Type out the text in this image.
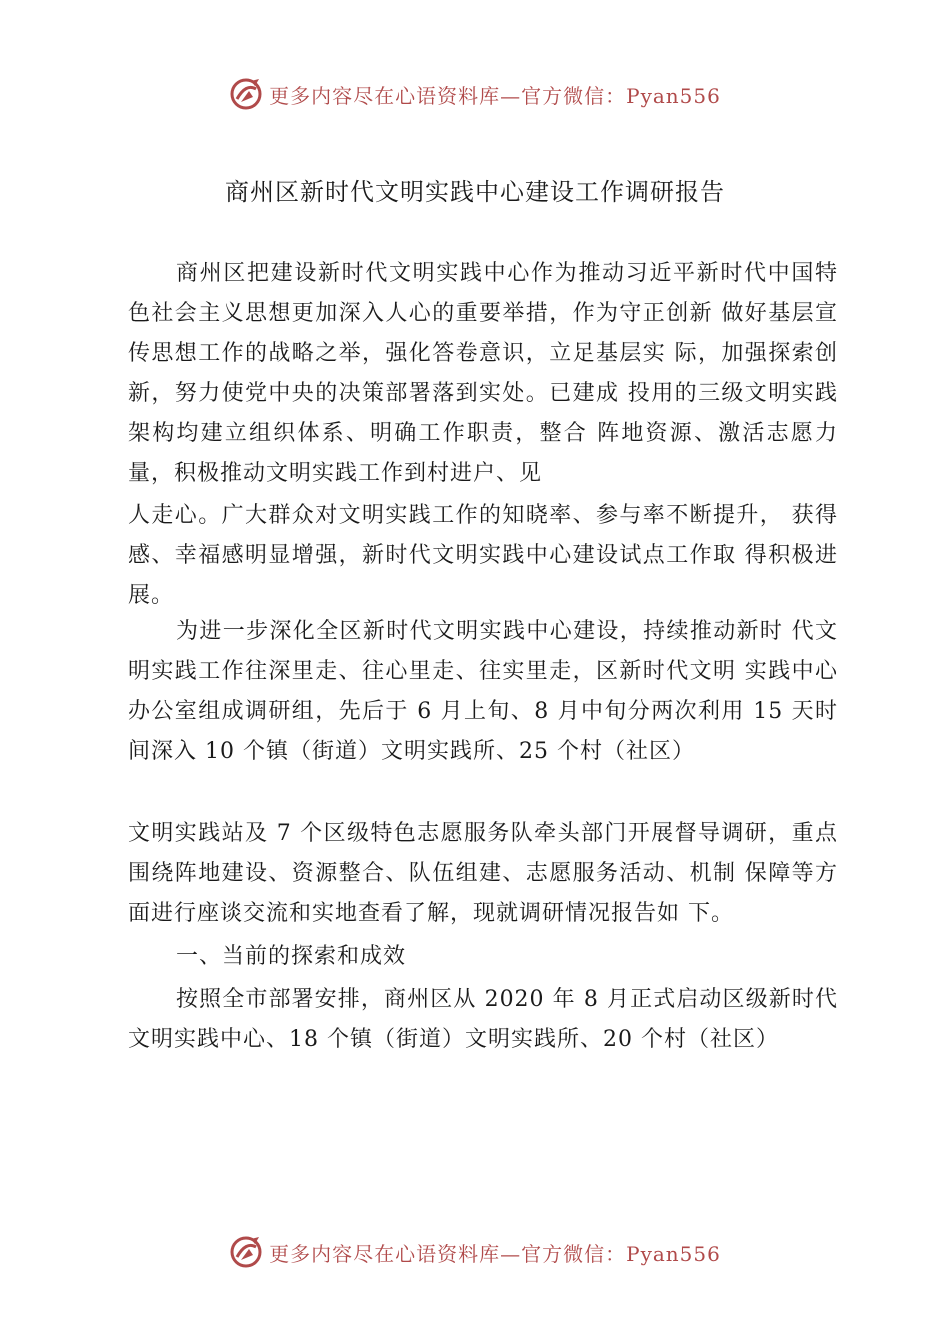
更多内容尽在心语资料库—官方微信：Pyan556
商州区新时代文明实践中心建设工作调研报告
商州区把建设新时代文明实践中心作为推动习近平新时代中国特色社会主义思想更加深入人心的重要举措，作为守正创新 做好基层宣传思想工作的战略之举，强化答卷意识，立足基层实 际，加强探索创新，努力使党中央的决策部署落到实处。已建成 投用的三级文明实践架构均建立组织体系、明确工作职责，整合 阵地资源、激活志愿力量，积极推动文明实践工作到村进户、见
人走心。广大群众对文明实践工作的知晓率、参与率不断提升， 获得感、幸福感明显增强，新时代文明实践中心建设试点工作取 得积极进展。
为进一步深化全区新时代文明实践中心建设，持续推动新时 代文明实践工作往深里走、往心里走、往实里走，区新时代文明 实践中心办公室组成调研组，先后于 6 月上旬、8 月中旬分两次利用 15 天时间深入 10 个镇（街道）文明实践所、25 个村（社区）
文明实践站及 7 个区级特色志愿服务队牵头部门开展督导调研，重点围绕阵地建设、资源整合、队伍组建、志愿服务活动、机制 保障等方面进行座谈交流和实地查看了解，现就调研情况报告如 下。
一、当前的探索和成效
按照全市部署安排，商州区从 2020 年 8 月正式启动区级新时代文明实践中心、18 个镇（街道）文明实践所、20 个村（社区）
更多内容尽在心语资料库—官方微信：Pyan556
